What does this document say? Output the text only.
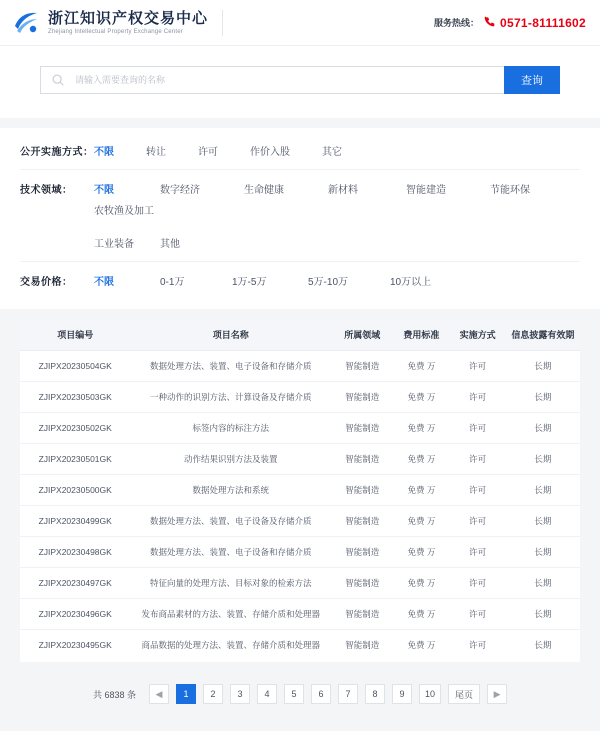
浙江知识产权交易中心
Zhejiang Intellectual Property Exchange Center
服务热线： 0571-81111602
请输入需要查询的名称
查询
公开实施方式： 不限	转让	许可	作价入股	其它
技术领域：	不限	数字经济	生命健康	新材料	智能建造	节能环保
农牧渔及加工
工业装备	其他
交易价格：	不限	0-1万	1万-5万	5万-10万	10万以上
项目编号	项目名称	所属领域	费用标准	实施方式	信息披露有效期
ZJIPX20230504GK	数据处理方法、装置、电子设备和存储介质	智能制造	免费 万	许可	长期
ZJIPX20230503GK	一种动作的识别方法、计算设备及存储介质	智能制造	免费 万	许可	长期
ZJIPX20230502GK	标签内容的标注方法	智能制造	免费 万	许可	长期
ZJIPX20230501GK	动作结果识别方法及装置	智能制造	免费 万	许可	长期
ZJIPX20230500GK	数据处理方法和系统	智能制造	免费 万	许可	长期
ZJIPX20230499GK	数据处理方法、装置、电子设备及存储介质	智能制造	免费 万	许可	长期
ZJIPX20230498GK	数据处理方法、装置、电子设备和存储介质	智能制造	免费 万	许可	长期
ZJIPX20230497GK	特征向量的处理方法、目标对象的检索方法	智能制造	免费 万	许可	长期
ZJIPX20230496GK	发布商品素材的方法、装置、存储介质和处理器	智能制造	免费 万	许可	长期
ZJIPX20230495GK	商品数据的处理方法、装置、存储介质和处理器	智能制造	免费 万	许可	长期
共 6838 条	◀	1	2	3	4	5	6	7	8	9	10	尾页	▶
